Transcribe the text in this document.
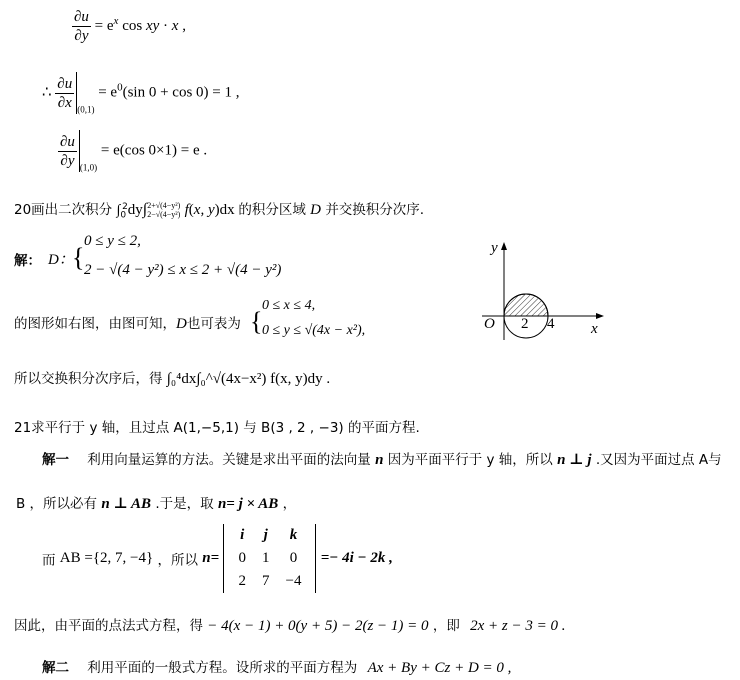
$\frac{\partial u}{\partial y} = e^x$ cos xy · x ,
∴ $\frac{\partial u}{\partial x} _{(0,1)} = e^0(\sin$ 0 + cos 0) = 1 ,
$\frac{\partial u}{\partial y} _{(1,0)} = e(\cos$ 0×1) = e .
20画出二次积分 $\int_0^2dy\int$ 2+√(4−y²)
2−√(4−y²) f(x, y)dx 的积分区域 D 并交换积分次序.
解： D：
{
0 ≤ y ≤ 2,
2 − √(4 − y²) ≤ x ≤ 2 + √(4 − y²)
的图形如右图，由图可知，D也可表为 {
0 ≤ x ≤ 4,
0 ≤ y ≤ √(4x − x²),
所以交换积分次序后，得 ∫₀⁴dx∫₀^√(4x−x²) f(x, y)dy .
y
O 2 4 x
21求平行于 y 轴，且过点 A(1,−5,1) 与 B(3 , 2 , −3) 的平面方程.
解一 利用向量运算的方法。关键是求出平面的法向量 n 因为平面平行于 y 轴，所以 n ⊥ j .又因为平面过点 A与
B ，所以必有 n ⊥ AB .于是，取 n= j × AB ，
而 AB ={2, 7, −4} ，所以 n=
i	j	k
0	1	0
2	7	−4
=− 4i − 2k ,
因此，由平面的点法式方程，得 − 4(x − 1) + 0(y + 5) − 2(z − 1) = 0 ，即 2x + z − 3 = 0 .
解二 利用平面的一般式方程。设所求的平面方程为 Ax + By + Cz + D = 0 ,
